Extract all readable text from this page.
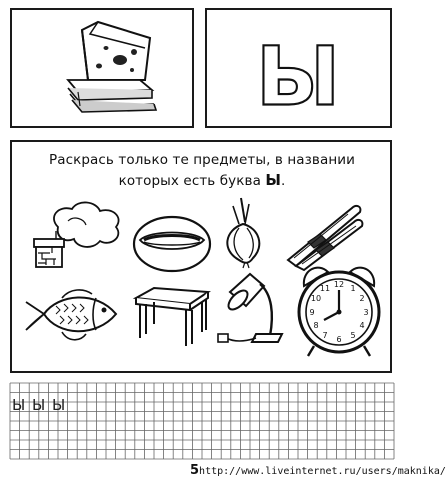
Ы
Раскрась только те предметы, в названии которых есть буква Ы.
12 1
2
3
4
5
6
7
8
9
10
11
Ы Ы Ы
5http://www.liveinternet.ru/users/maknika/
